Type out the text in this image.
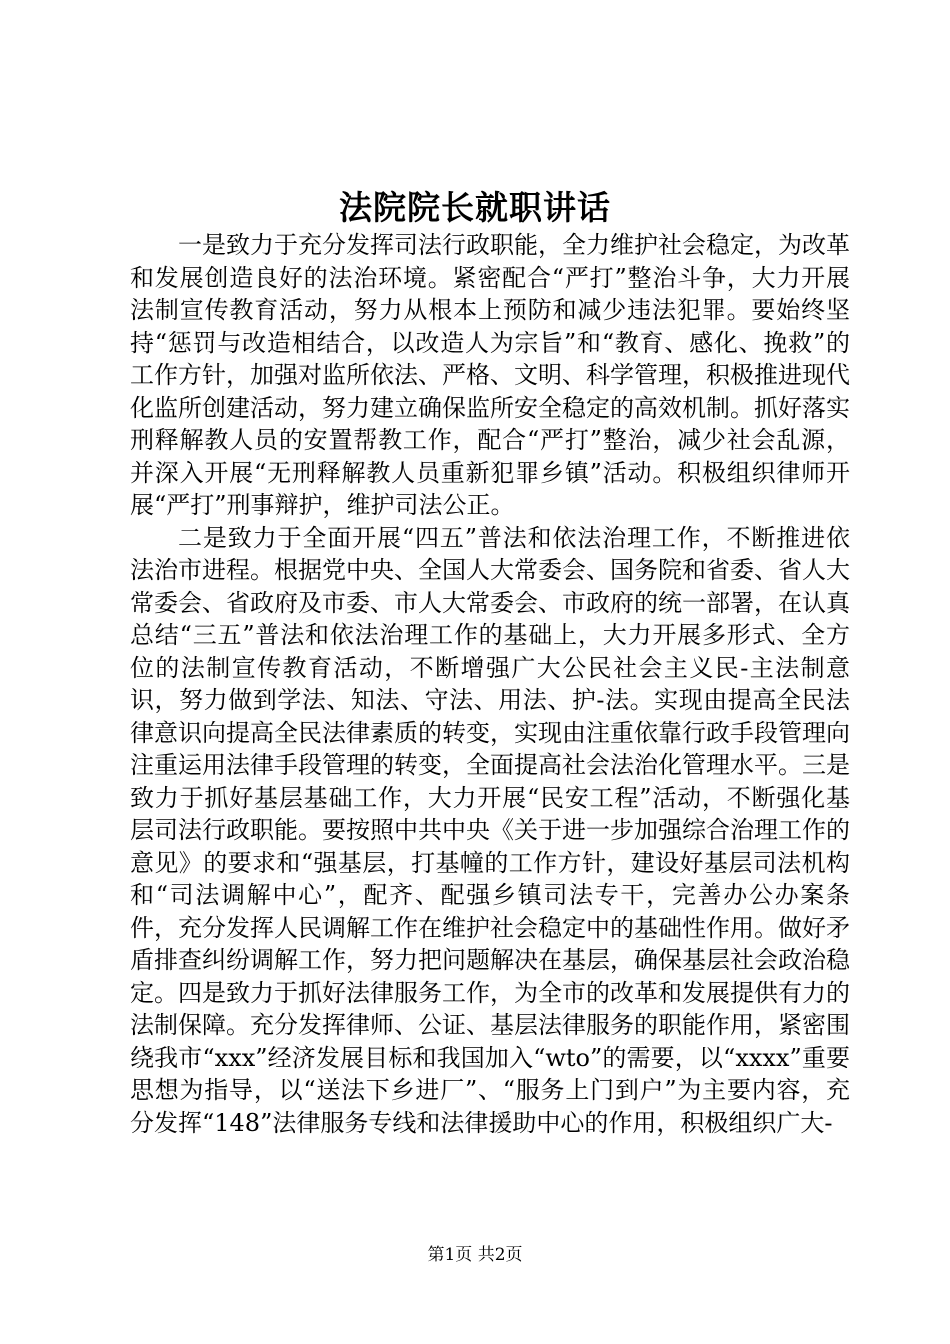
法院院长就职讲话

一是致力于充分发挥司法行政职能，全力维护社会稳定，为改革和发展创造良好的法治环境。紧密配合“严打”整治斗争，大力开展法制宣传教育活动，努力从根本上预防和减少违法犯罪。要始终坚持“惩罚与改造相结合，以改造人为宗旨”和“教育、感化、挽救”的工作方针，加强对监所依法、严格、文明、科学管理，积极推进现代化监所创建活动，努力建立确保监所安全稳定的高效机制。抓好落实刑释解教人员的安置帮教工作，配合“严打”整治，减少社会乱源，并深入开展“无刑释解教人员重新犯罪乡镇”活动。积极组织律师开展“严打”刑事辩护，维护司法公正。

二是致力于全面开展“四五”普法和依法治理工作，不断推进依法治市进程。根据党中央、全国人大常委会、国务院和省委、省人大常委会、省政府及市委、市人大常委会、市政府的统一部署，在认真总结“三五”普法和依法治理工作的基础上，大力开展多形式、全方位的法制宣传教育活动，不断增强广大公民社会主义民-主法制意识，努力做到学法、知法、守法、用法、护-法。实现由提高全民法律意识向提高全民法律素质的转变，实现由注重依靠行政手段管理向注重运用法律手段管理的转变，全面提高社会法治化管理水平。三是致力于抓好基层基础工作，大力开展“民安工程”活动，不断强化基层司法行政职能。要按照中共中央《关于进一步加强综合治理工作的意见》的要求和“强基层，打基幢的工作方针，建设好基层司法机构和“司法调解中心”，配齐、配强乡镇司法专干，完善办公办案条件，充分发挥人民调解工作在维护社会稳定中的基础性作用。做好矛盾排查纠纷调解工作，努力把问题解决在基层，确保基层社会政治稳定。四是致力于抓好法律服务工作，为全市的改革和发展提供有力的法制保障。充分发挥律师、公证、基层法律服务的职能作用，紧密围绕我市“xxx”经济发展目标和我国加入“wto”的需要，以“xxxx”重要思想为指导，以“送法下乡进厂”、“服务上门到户”为主要内容，充分发挥“148”法律服务专线和法律援助中心的作用，积极组织广大-

第1页 共2页
